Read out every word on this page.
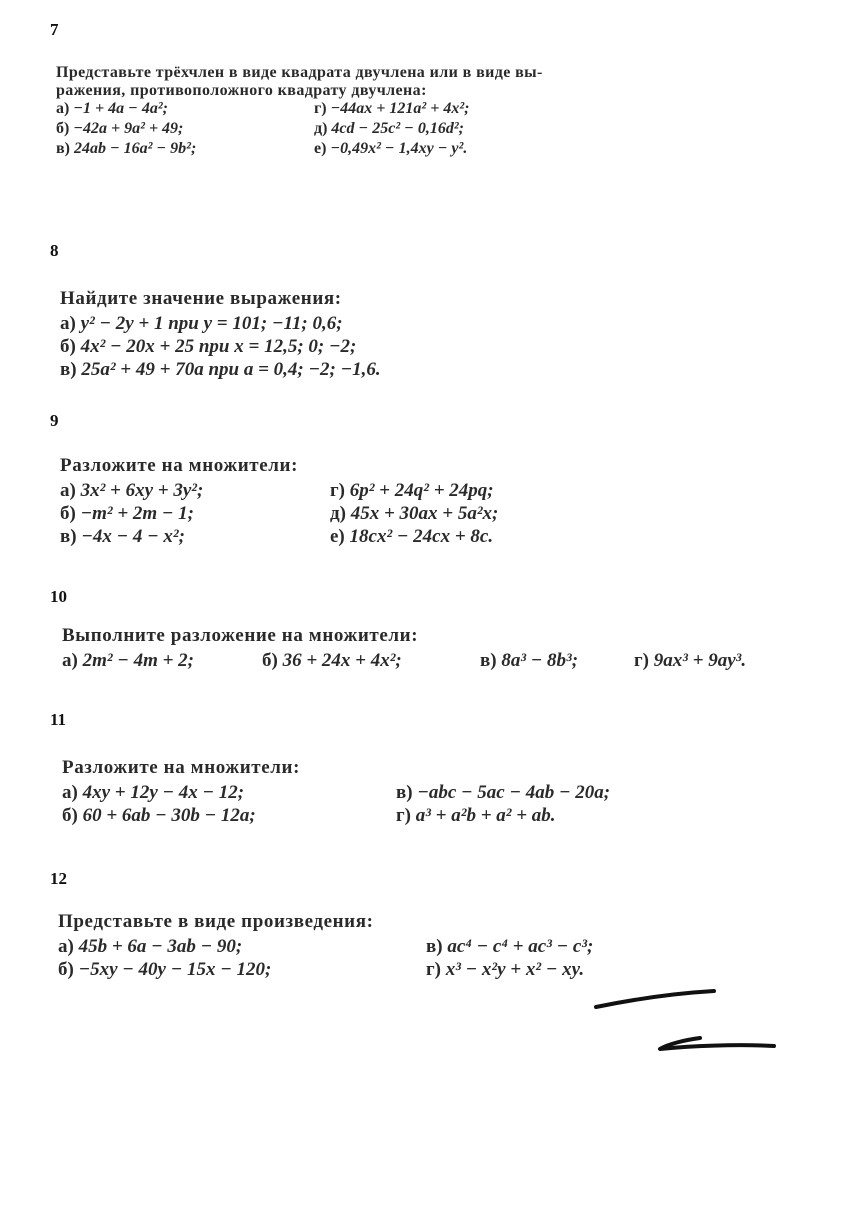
7
Представьте трёхчлен в виде квадрата двучлена или в виде вы-
ражения, противоположного квадрату двучлена:
а) −1 + 4a − 4a²;	г) −44ax + 121a² + 4x²;
б) −42a + 9a² + 49;	д) 4cd − 25c² − 0,16d²;
в) 24ab − 16a² − 9b²;	е) −0,49x² − 1,4xy − y².
8
Найдите значение выражения:
а) y² − 2y + 1 при y = 101; −11; 0,6;
б) 4x² − 20x + 25 при x = 12,5; 0; −2;
в) 25a² + 49 + 70a при a = 0,4; −2; −1,6.
9
Разложите на множители:
а) 3x² + 6xy + 3y²;	г) 6p² + 24q² + 24pq;
б) −m² + 2m − 1;	д) 45x + 30ax + 5a²x;
в) −4x − 4 − x²;	е) 18cx² − 24cx + 8c.
10
Выполните разложение на множители:
а) 2m² − 4m + 2;	б) 36 + 24x + 4x²;	в) 8a³ − 8b³;	г) 9ax³ + 9ay³.
11
Разложите на множители:
а) 4xy + 12y − 4x − 12;	в) −abc − 5ac − 4ab − 20a;
б) 60 + 6ab − 30b − 12a;	г) a³ + a²b + a² + ab.
12
Представьте в виде произведения:
а) 45b + 6a − 3ab − 90;	в) ac⁴ − c⁴ + ac³ − c³;
б) −5xy − 40y − 15x − 120;	г) x³ − x²y + x² − xy.
